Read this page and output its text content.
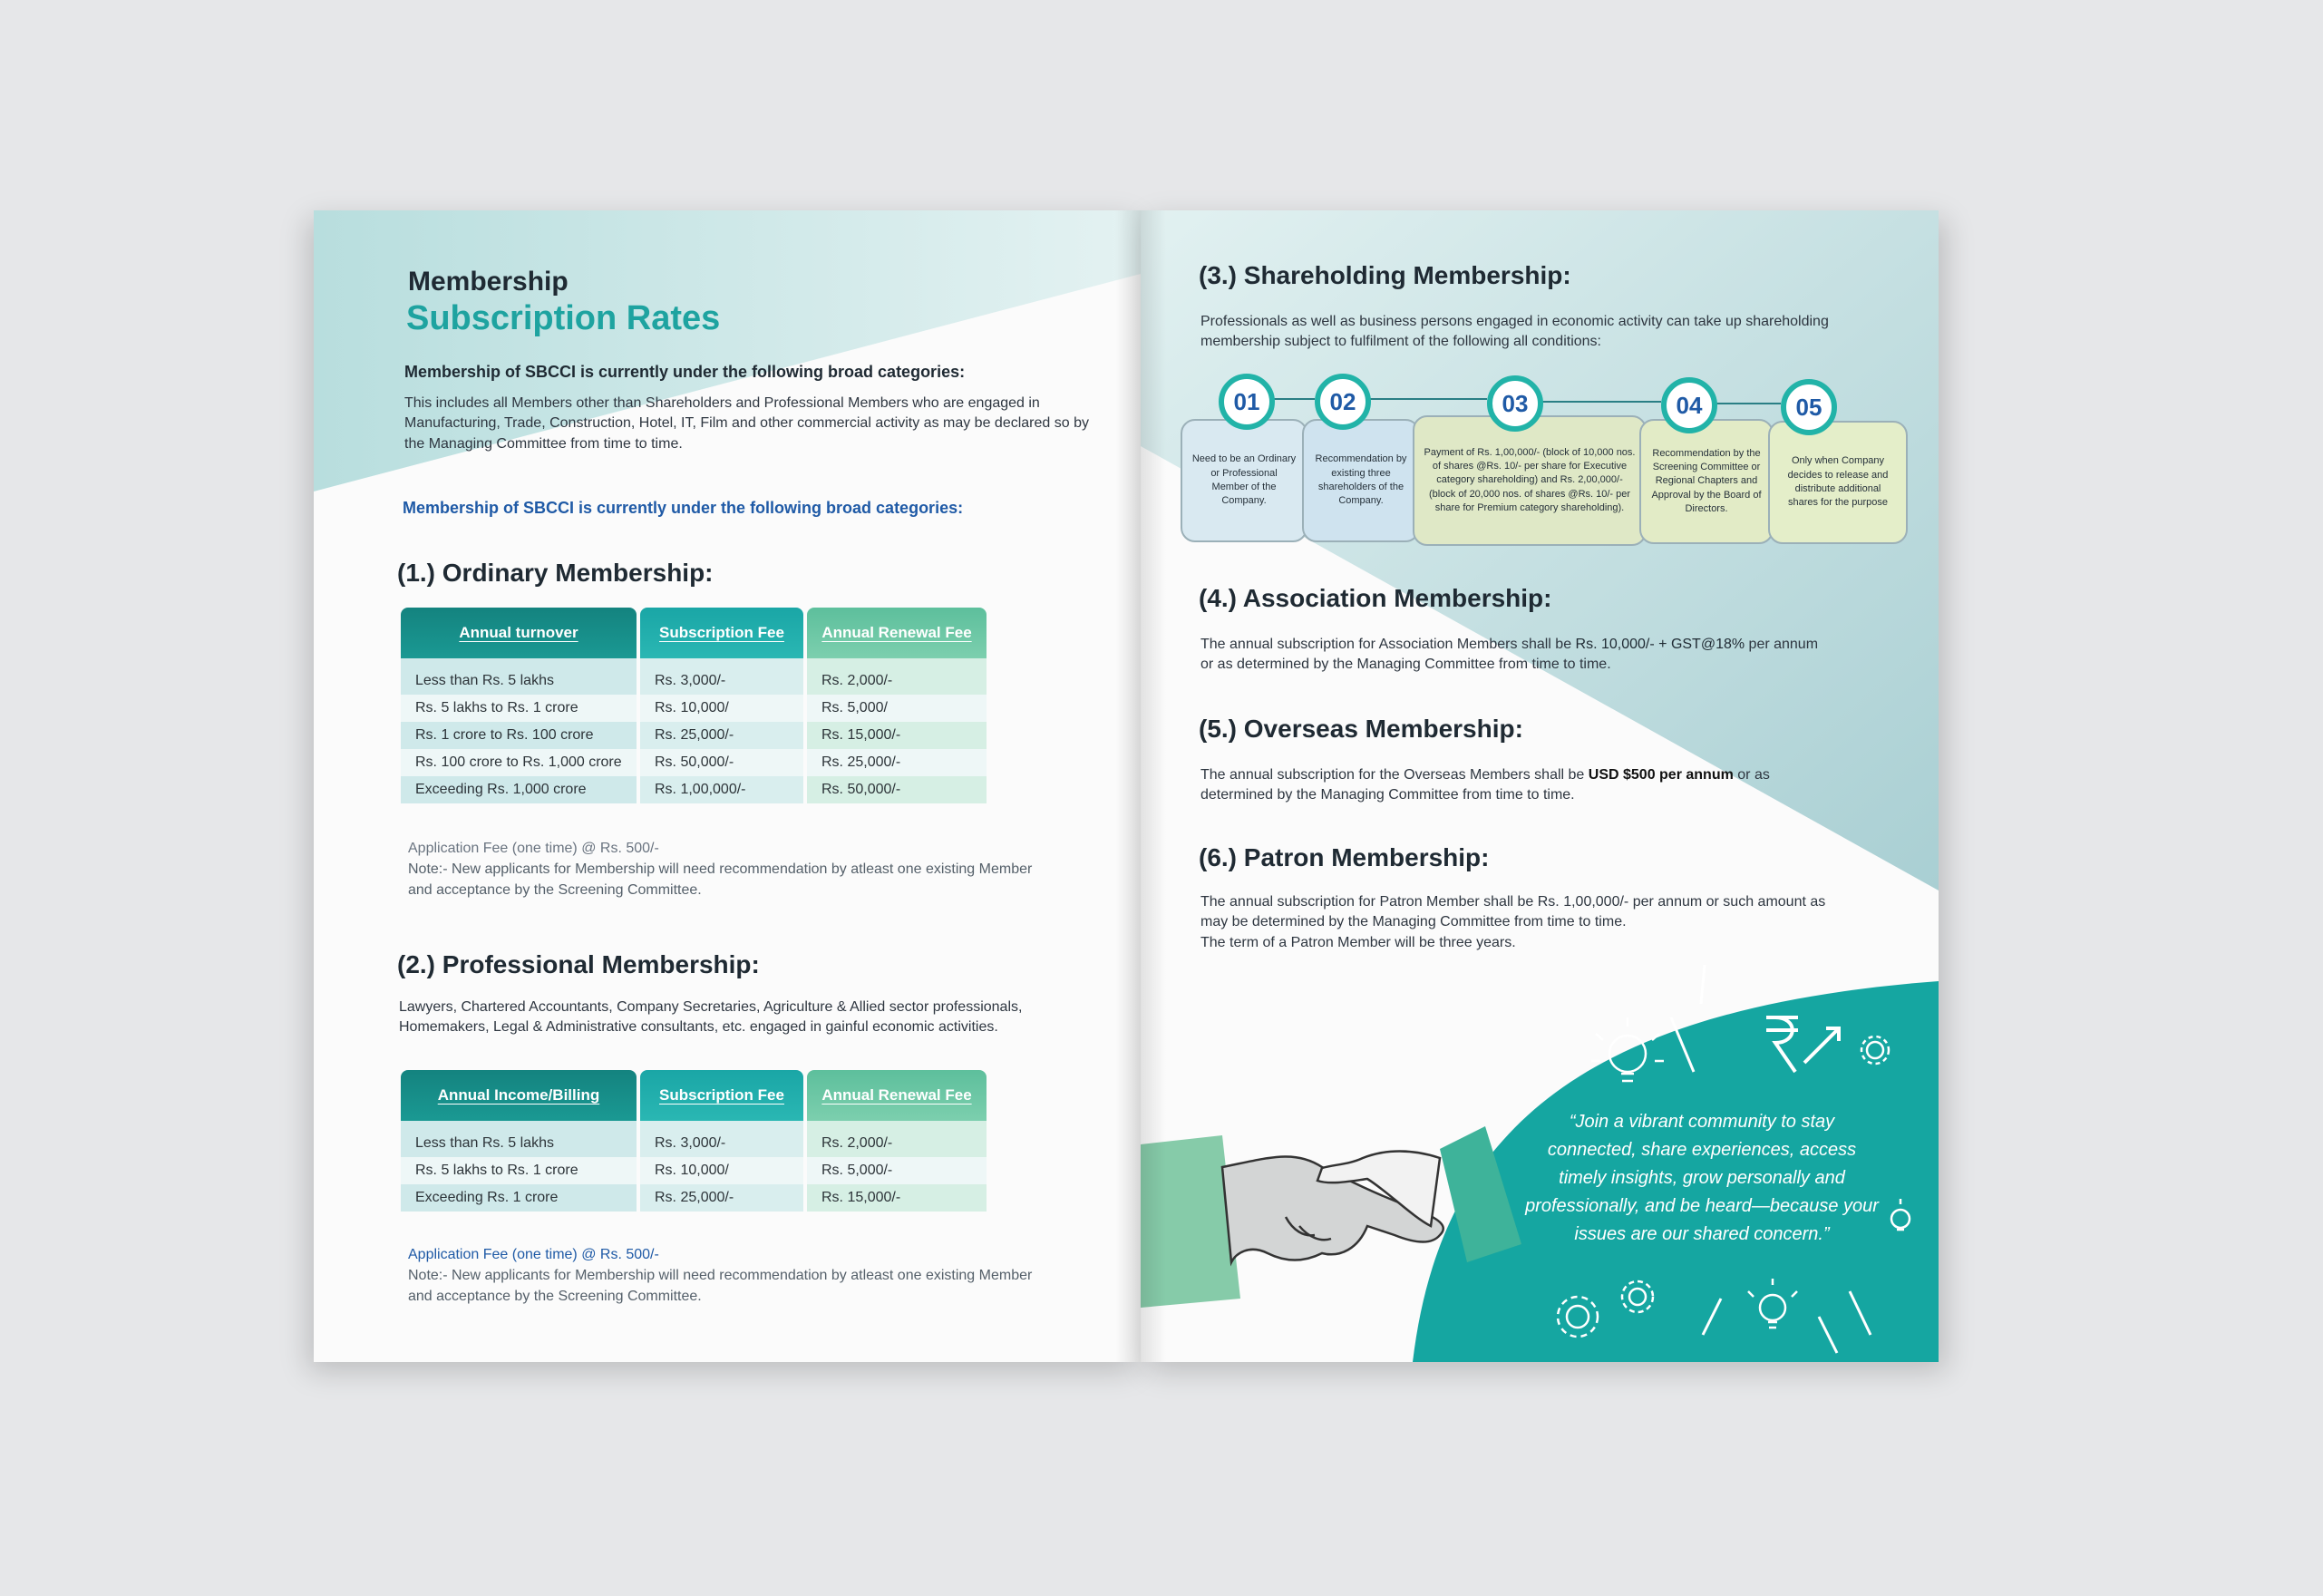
Membership
Subscription Rates
Membership of SBCCI is currently under the following broad categories:
This includes all Members other than Shareholders and Professional Members who are engaged in Manufacturing, Trade, Construction, Hotel, IT, Film and other commercial activity as may be declared so by the Managing Committee from time to time.
Membership of SBCCI is currently under the following broad categories:
(1.) Ordinary Membership:
Annual turnover	Subscription Fee	Annual Renewal Fee
Less than Rs. 5 lakhs	Rs. 3,000/-	Rs. 2,000/-
Rs. 5 lakhs to Rs. 1 crore	Rs. 10,000/	Rs. 5,000/
Rs. 1 crore to Rs. 100 crore	Rs. 25,000/-	Rs. 15,000/-
Rs. 100 crore to Rs. 1,000 crore	Rs. 50,000/-	Rs. 25,000/-
Exceeding Rs. 1,000 crore	Rs. 1,00,000/-	Rs. 50,000/-
Application Fee (one time) @ Rs. 500/-
Note:- New applicants for Membership will need recommendation by atleast one existing Member and acceptance by the Screening Committee.
(2.) Professional Membership:
Lawyers, Chartered Accountants, Company Secretaries, Agriculture & Allied sector professionals, Homemakers, Legal & Administrative consultants, etc. engaged in gainful economic activities.
Annual Income/Billing	Subscription Fee	Annual Renewal Fee
Less than Rs. 5 lakhs	Rs. 3,000/-	Rs. 2,000/-
Rs. 5 lakhs to Rs. 1 crore	Rs. 10,000/	Rs. 5,000/-
Exceeding Rs. 1 crore	Rs. 25,000/-	Rs. 15,000/-
Application Fee (one time) @ Rs. 500/-
Note:- New applicants for Membership will need recommendation by atleast one existing Member and acceptance by the Screening Committee.
(3.) Shareholding Membership:
Professionals as well as business persons engaged in economic activity can take up shareholding membership subject to fulfilment of the following all conditions:
Need to be an Ordinary or Professional Member of the Company.
Recommendation by existing three shareholders of the Company.
Payment of Rs. 1,00,000/- (block of 10,000 nos. of shares @Rs. 10/- per share for Executive category shareholding) and Rs. 2,00,000/- (block of 20,000 nos. of shares @Rs. 10/- per share for Premium category shareholding).
Recommendation by the Screening Committee or Regional Chapters and Approval by the Board of Directors.
Only when Company decides to release and distribute additional shares for the purpose
01	02	03	04	05
(4.) Association Membership:
The annual subscription for Association Members shall be Rs. 10,000/- + GST@18% per annum or as determined by the Managing Committee from time to time.
(5.) Overseas Membership:
The annual subscription for the Overseas Members shall be USD $500 per annum or as determined by the Managing Committee from time to time.
(6.) Patron Membership:
The annual subscription for Patron Member shall be Rs. 1,00,000/- per annum or such amount as may be determined by the Managing Committee from time to time.
The term of a Patron Member will be three years.
“Join a vibrant community to stay connected, share experiences, access timely insights, grow personally and professionally, and be heard—because your issues are our shared concern.”
